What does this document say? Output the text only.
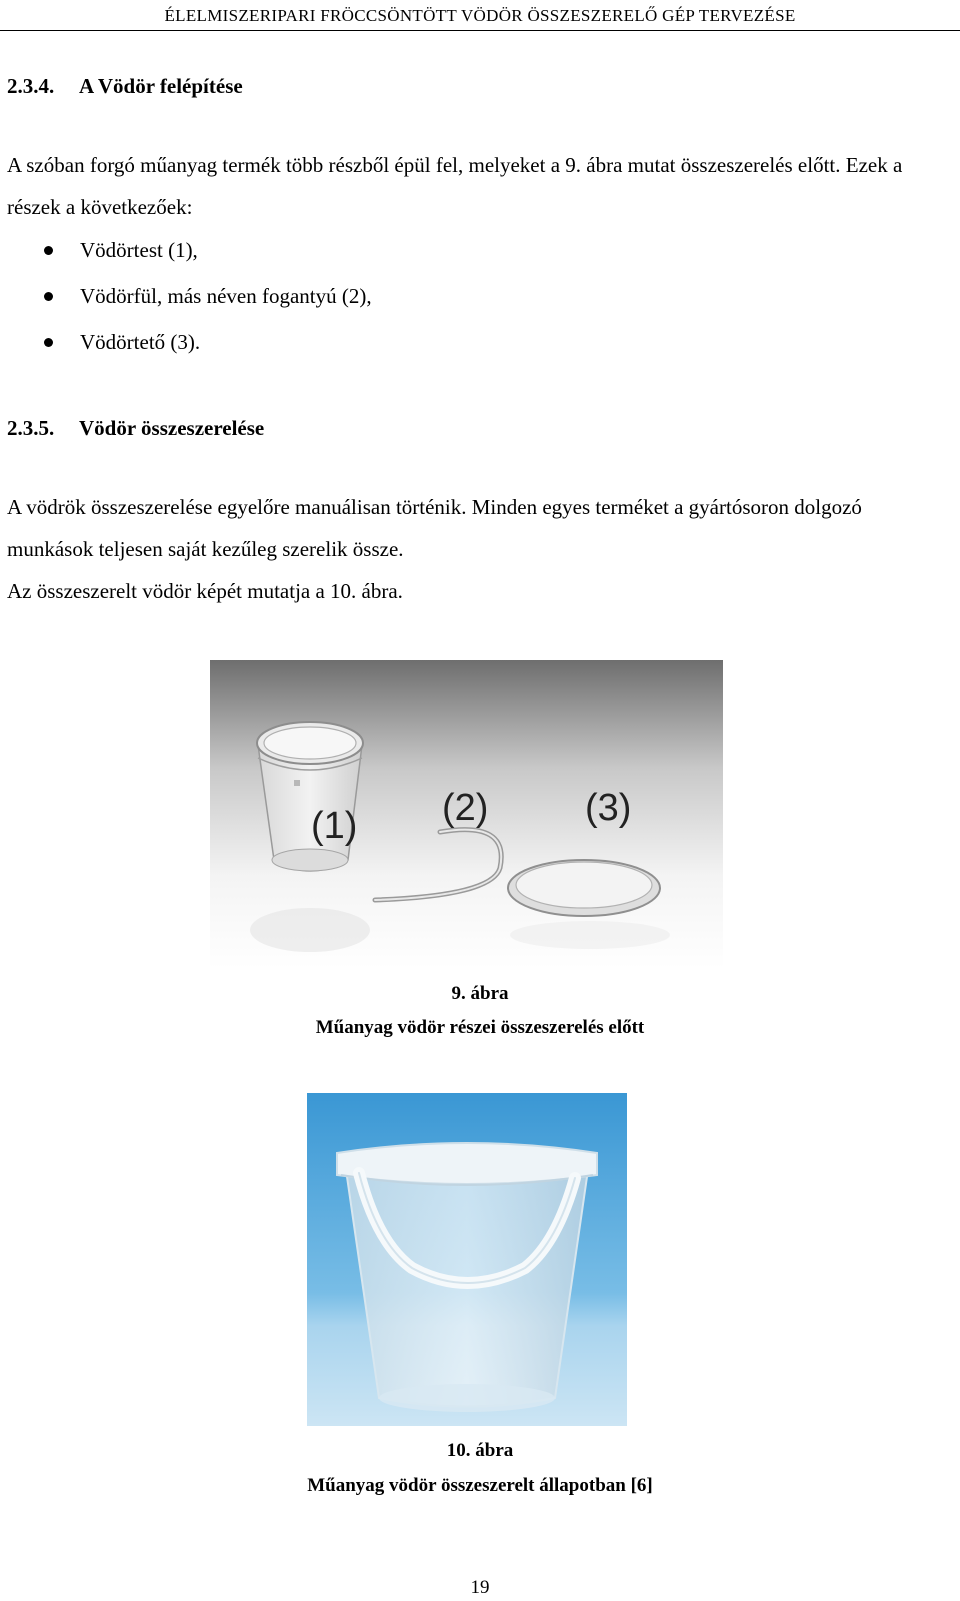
ÉLELMISZERIPARI FRÖCCSÖNTÖTT VÖDÖR ÖSSZESZERELŐ GÉP TERVEZÉSE
2.3.4. A Vödör felépítése
A szóban forgó műanyag termék több részből épül fel, melyeket a 9. ábra mutat összeszerelés előtt. Ezek a részek a következőek:
Vödörtest (1),
Vödörfül, más néven fogantyú (2),
Vödörtető (3).
2.3.5. Vödör összeszerelése
A vödrök összeszerelése egyelőre manuálisan történik. Minden egyes terméket a gyártósoron dolgozó munkások teljesen saját kezűleg szerelik össze.
Az összeszerelt vödör képét mutatja a 10. ábra.
(1) (2)	(3)
9. ábra
Műanyag vödör részei összeszerelés előtt
10. ábra
Műanyag vödör összeszerelt állapotban [6]
19
